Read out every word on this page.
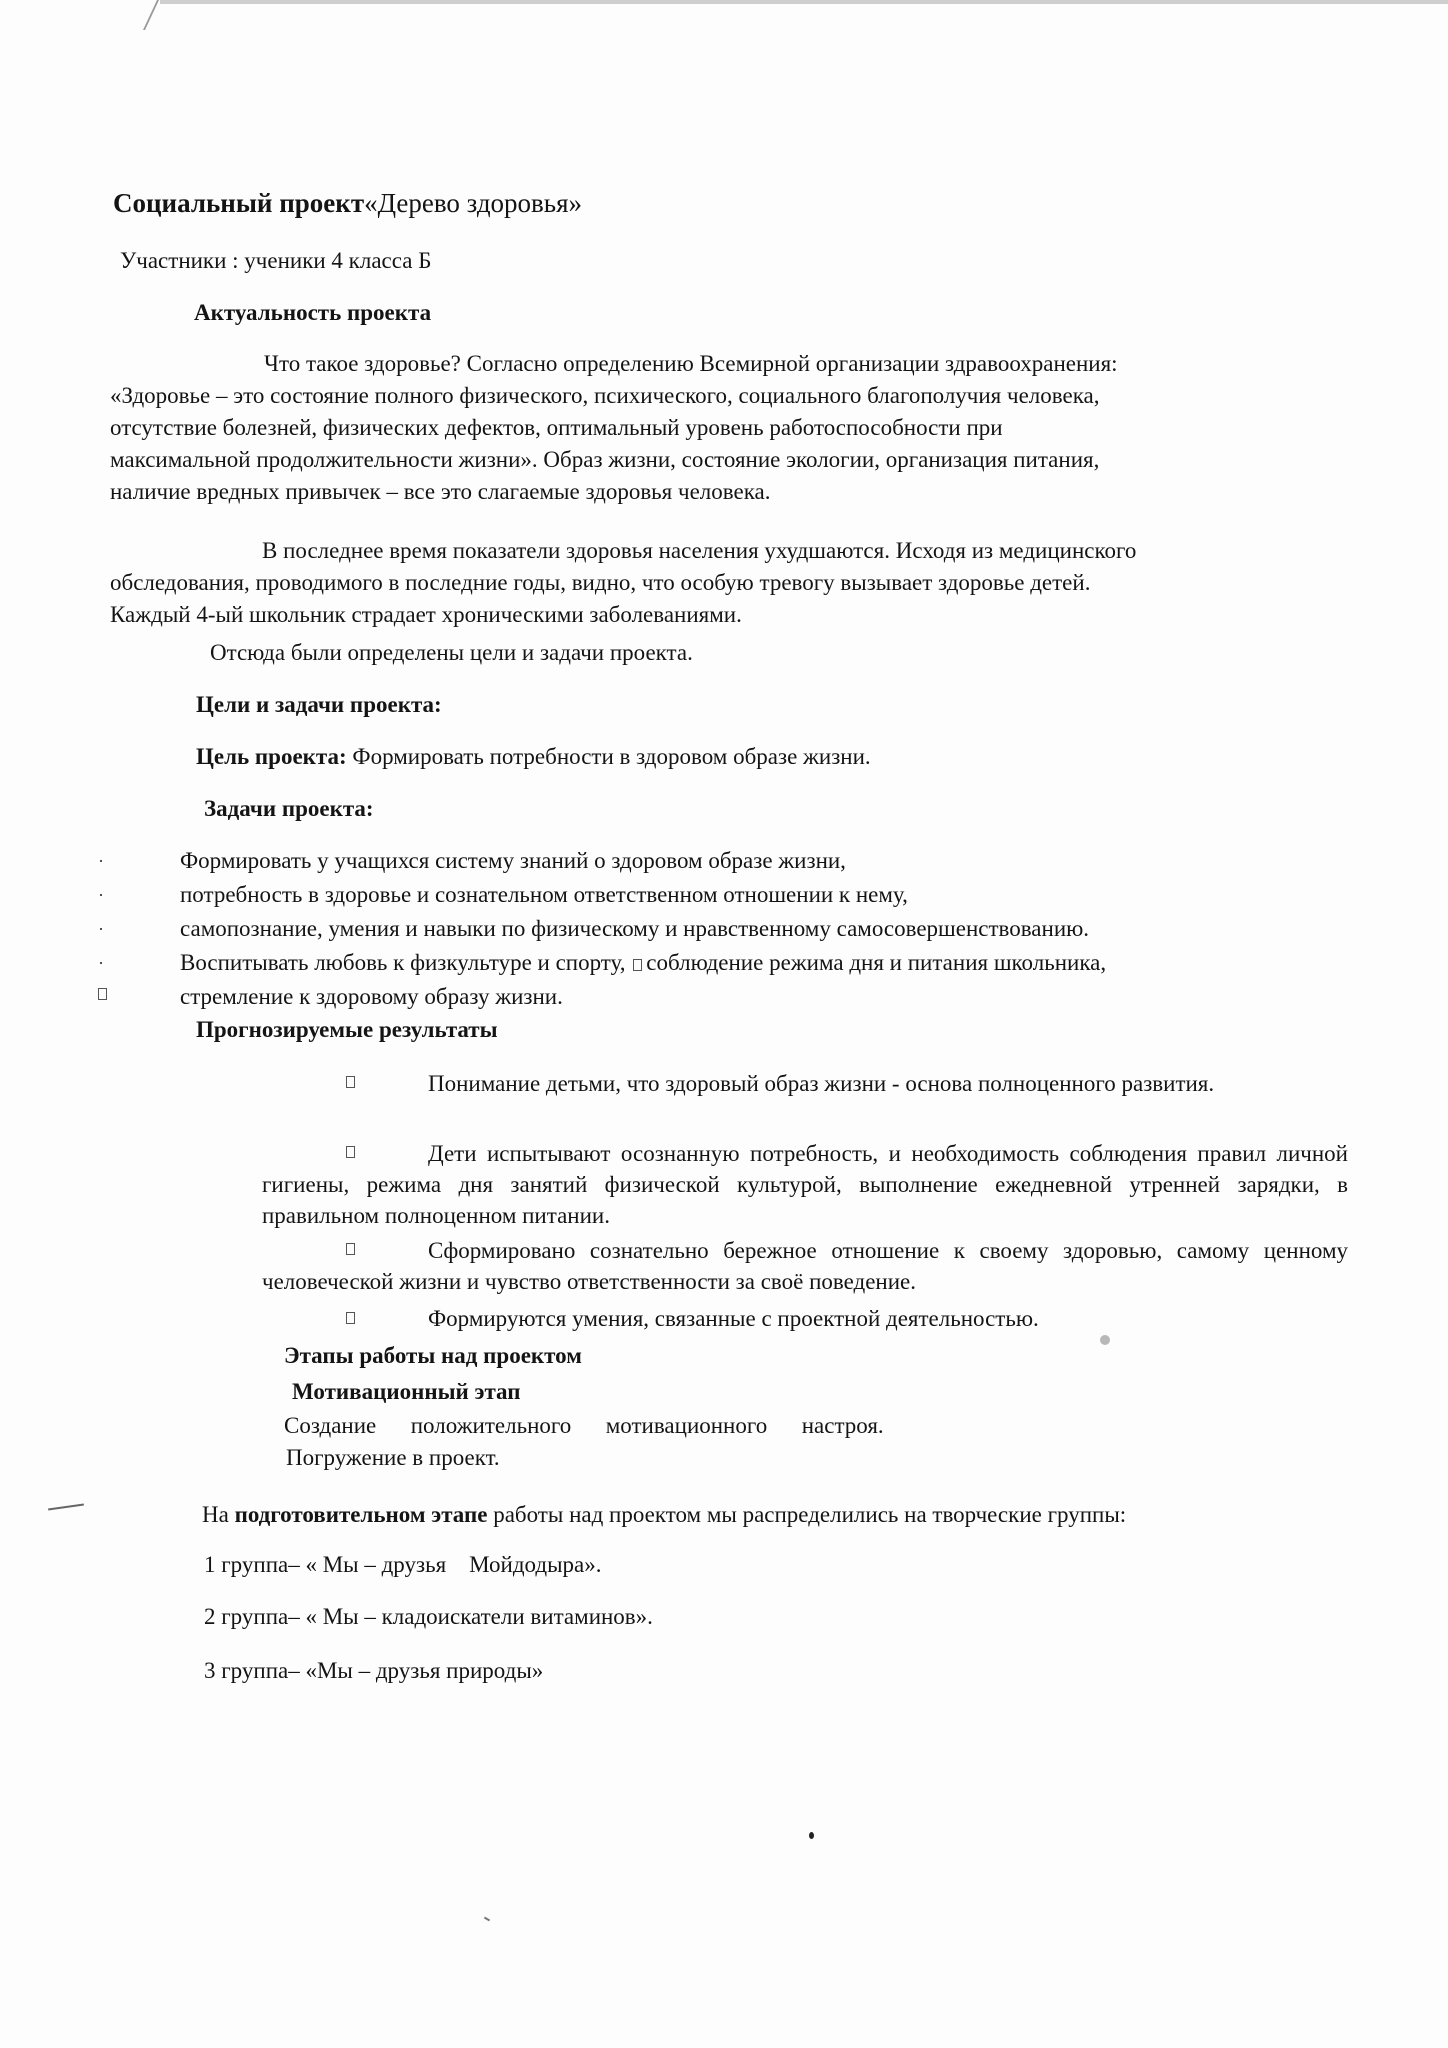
Социальный проект«Дерево здоровья»
Участники : ученики 4 класса Б
Актуальность проекта
Что такое здоровье? Согласно определению Всемирной организации здравоохранения:
«Здоровье – это состояние полного физического, психического, социального благополучия человека,
отсутствие болезней, физических дефектов, оптимальный уровень работоспособности при
максимальной продолжительности жизни». Образ жизни, состояние экологии, организация питания,
наличие вредных привычек – все это слагаемые здоровья человека.
В последнее время показатели здоровья населения ухудшаются. Исходя из медицинского
обследования, проводимого в последние годы, видно, что особую тревогу вызывает здоровье детей.
Каждый 4-ый школьник страдает хроническими заболеваниями.
Отсюда были определены цели и задачи проекта.
Цели и задачи проекта:
Цель проекта: Формировать потребности в здоровом образе жизни.
Задачи проекта:
·	Формировать у учащихся систему знаний о здоровом образе жизни,
·	потребность в здоровье и сознательном ответственном отношении к нему,
·	самопознание, умения и навыки по физическому и нравственному самосовершенствованию.
·	Воспитывать любовь к физкультуре и спорту, соблюдение режима дня и питания школьника,
стремление к здоровому образу жизни.
Прогнозируемые результаты
Понимание детьми, что здоровый образ жизни - основа полноценного развития.
Дети испытывают осознанную потребность, и необходимость соблюдения правил личной гигиены, режима дня занятий физической культурой, выполнение ежедневной утренней зарядки, в правильном полноценном питании.
Сформировано сознательно бережное отношение к своему здоровью, самому ценному человеческой жизни и чувство ответственности за своё поведение.
Формируются умения, связанные с проектной деятельностью.
Этапы работы над проектом
Мотивационный этап
Создание      положительного      мотивационного      настроя.
Погружение в проект.
На подготовительном этапе работы над проектом мы распределились на творческие группы:
1 группа– « Мы – друзья    Мойдодыра».
2 группа– « Мы – кладоискатели витаминов».
3 группа– «Мы – друзья природы»
